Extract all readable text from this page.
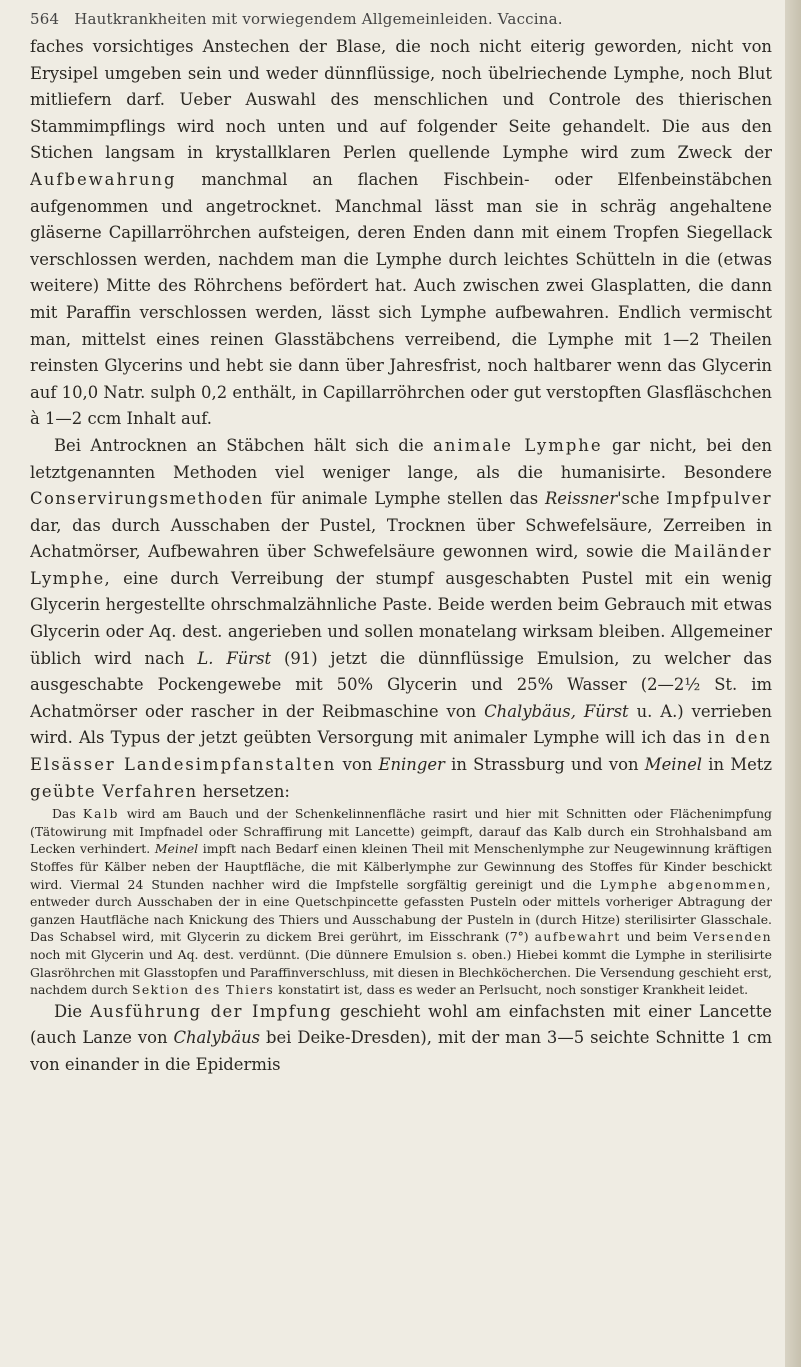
564 Hautkrankheiten mit vorwiegendem Allgemeinleiden. Vaccina.

faches vorsichtiges Anstechen der Blase, die noch nicht eiterig geworden, nicht von Erysipel umgeben sein und weder dünnflüssige, noch übelriechende Lymphe, noch Blut mitliefern darf. Ueber Auswahl des menschlichen und Controle des thierischen Stammimpflings wird noch unten und auf folgender Seite gehandelt. Die aus den Stichen langsam in krystallklaren Perlen quellende Lymphe wird zum Zweck der Aufbewahrung manchmal an flachen Fischbein- oder Elfenbeinstäbchen aufgenommen und angetrocknet. Manchmal lässt man sie in schräg angehaltene gläserne Capillarröhrchen aufsteigen, deren Enden dann mit einem Tropfen Siegellack verschlossen werden, nachdem man die Lymphe durch leichtes Schütteln in die (etwas weitere) Mitte des Röhrchens befördert hat. Auch zwischen zwei Glasplatten, die dann mit Paraffin verschlossen werden, lässt sich Lymphe aufbewahren. Endlich vermischt man, mittelst eines reinen Glasstäbchens verreibend, die Lymphe mit 1—2 Theilen reinsten Glycerins und hebt sie dann über Jahresfrist, noch haltbarer wenn das Glycerin auf 10,0 Natr. sulph 0,2 enthält, in Capillarröhrchen oder gut verstopften Glasfläschchen à 1—2 ccm Inhalt auf.

Bei Antrocknen an Stäbchen hält sich die animale Lymphe gar nicht, bei den letztgenannten Methoden viel weniger lange, als die humanisirte. Besondere Conservirungsmethoden für animale Lymphe stellen das Reissner'sche Impfpulver dar, das durch Ausschaben der Pustel, Trocknen über Schwefelsäure, Zerreiben in Achatmörser, Aufbewahren über Schwefelsäure gewonnen wird, sowie die Mailänder Lymphe, eine durch Verreibung der stumpf ausgeschabten Pustel mit ein wenig Glycerin hergestellte ohrschmalzähnliche Paste. Beide werden beim Gebrauch mit etwas Glycerin oder Aq. dest. angerieben und sollen monatelang wirksam bleiben. Allgemeiner üblich wird nach L. Fürst (91) jetzt die dünnflüssige Emulsion, zu welcher das ausgeschabte Pockengewebe mit 50% Glycerin und 25% Wasser (2—2½ St. im Achatmörser oder rascher in der Reibmaschine von Chalybäus, Fürst u. A.) verrieben wird. Als Typus der jetzt geübten Versorgung mit animaler Lymphe will ich das in den Elsässer Landesimpfanstalten von Eninger in Strassburg und von Meinel in Metz geübte Verfahren hersetzen:

Das Kalb wird am Bauch und der Schenkelinnenfläche rasirt und hier mit Schnitten oder Flächenimpfung (Tätowirung mit Impfnadel oder Schraffirung mit Lancette) geimpft, darauf das Kalb durch ein Strohhalsband am Lecken verhindert. Meinel impft nach Bedarf einen kleinen Theil mit Menschenlymphe zur Neugewinnung kräftigen Stoffes für Kälber neben der Hauptfläche, die mit Kälberlymphe zur Gewinnung des Stoffes für Kinder beschickt wird. Viermal 24 Stunden nachher wird die Impfstelle sorgfältig gereinigt und die Lymphe abgenommen, entweder durch Ausschaben der in eine Quetschpincette gefassten Pusteln oder mittels vorheriger Abtragung der ganzen Hautfläche nach Knickung des Thiers und Ausschabung der Pusteln in (durch Hitze) sterilisirter Glasschale. Das Schabsel wird, mit Glycerin zu dickem Brei gerührt, im Eisschrank (7°) aufbewahrt und beim Versenden noch mit Glycerin und Aq. dest. verdünnt. (Die dünnere Emulsion s. oben.) Hiebei kommt die Lymphe in sterilisirte Glasröhrchen mit Glasstopfen und Paraffinverschluss, mit diesen in Blechköcherchen. Die Versendung geschieht erst, nachdem durch Sektion des Thiers konstatirt ist, dass es weder an Perlsucht, noch sonstiger Krankheit leidet.

Die Ausführung der Impfung geschieht wohl am einfachsten mit einer Lancette (auch Lanze von Chalybäus bei Deike-Dresden), mit der man 3—5 seichte Schnitte 1 cm von einander in die Epidermis
